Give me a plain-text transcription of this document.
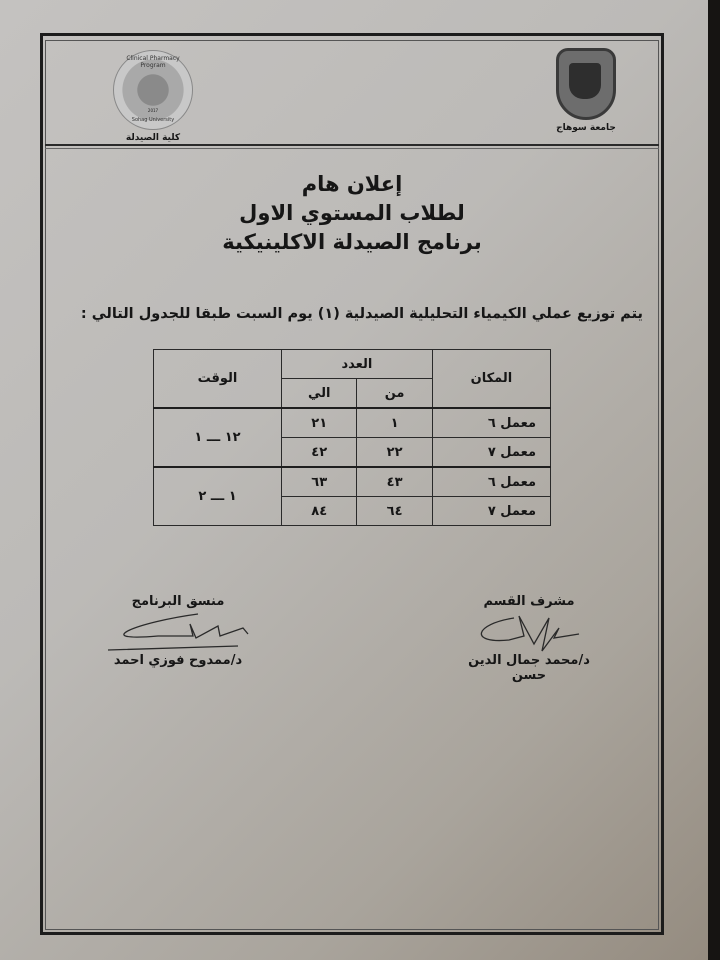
Clinical Pharmacy Program
2017
Sohag University
كلية الصيدلة
جامعة سوهاج
إعلان هام
لطلاب المستوي الاول
برنامج الصيدلة الاكلينيكية
يتم توزيع عملي الكيمياء التحليلية الصيدلية (١) يوم السبت طبقا للجدول التالي :
المكان	العدد		الوقت
	من	الي	
معمل ٦	١	٢١	١٢ ـــ ١
معمل ٧	٢٢	٤٢	
معمل ٦	٤٣	٦٣	١ ـــ ٢
معمل ٧	٦٤	٨٤	
مشرف القسم
د/محمد جمال الدين حسن
منسق البرنامج
د/ممدوح فوزي احمد
